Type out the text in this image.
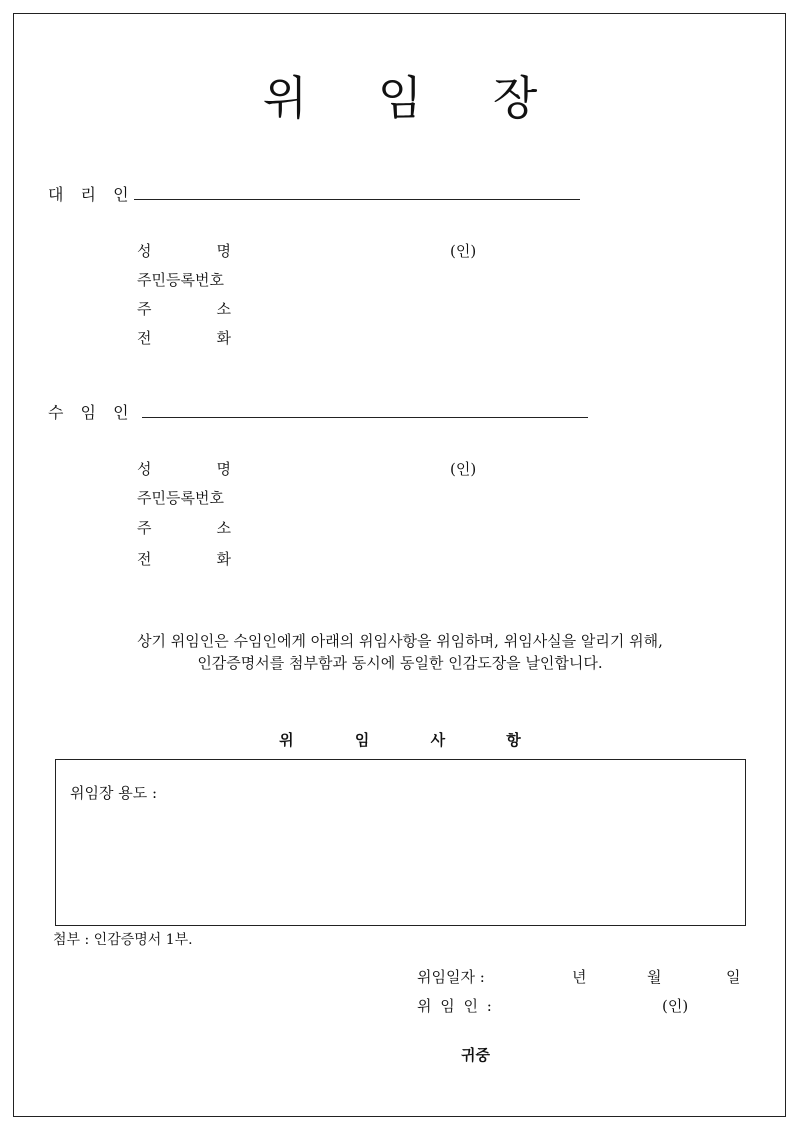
위 임 장
대 리 인
성	명	(인)
주민등록번호
주	소
전	화
수 임 인
성	명	(인)
주민등록번호
주	소
전	화
상기 위임인은 수임인에게 아래의 위임사항을 위임하며, 위임사실을 알리기 위해,
인감증명서를 첨부함과 동시에 동일한 인감도장을 날인합니다.
위 임 사 항
위임장 용도 :
첨부 : 인감증명서 1부.
위임일자 :	년	월	일
위 임 인 :	(인)
귀중
